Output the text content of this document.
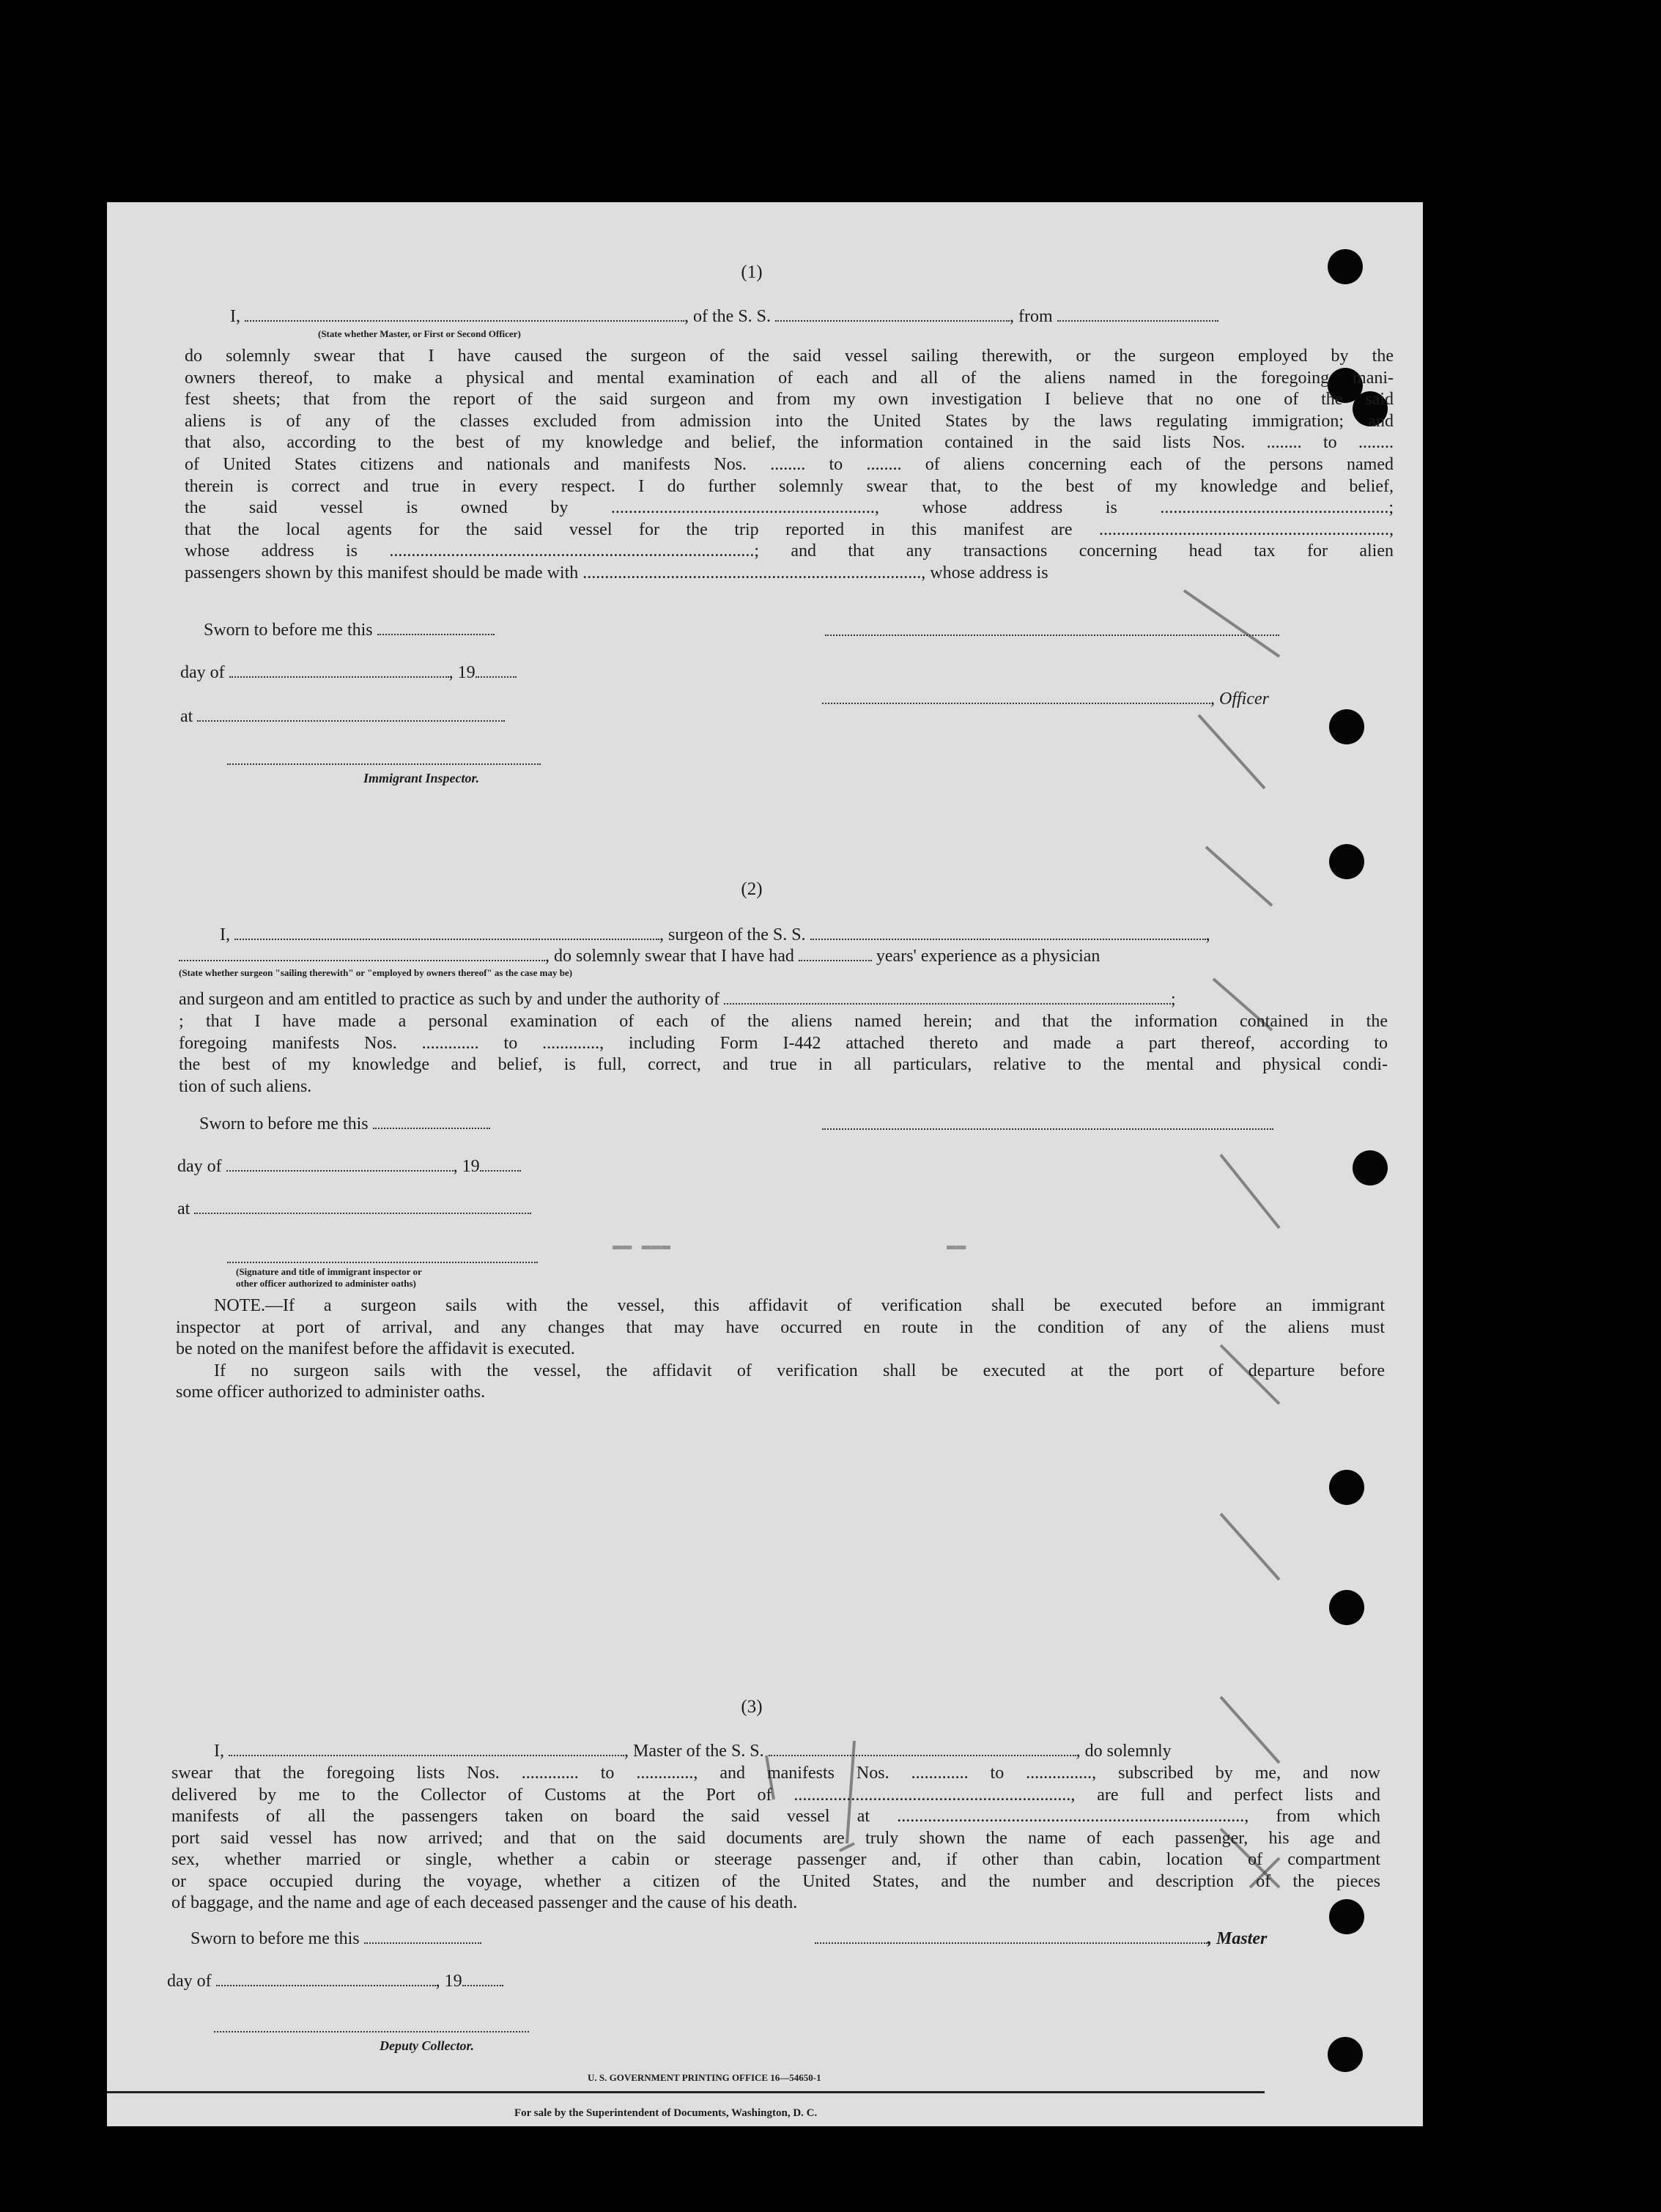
(1)
I,	, of the S. S.	, from
(State whether Master, or First or Second Officer)
do solemnly swear that I have caused the surgeon of the said vessel sailing therewith, or the surgeon employed by the
owners thereof, to make a physical and mental examination of each and all of the aliens named in the foregoing mani-
fest sheets; that from the report of the said surgeon and from my own investigation I believe that no one of the said
aliens is of any of the classes excluded from admission into the United States by the laws regulating immigration; and
that also, according to the best of my knowledge and belief, the information contained in the said lists Nos. ........ to ........
of United States citizens and nationals and manifests Nos. ........ to ........ of aliens concerning each of the persons named
therein is correct and true in every respect. I do further solemnly swear that, to the best of my knowledge and belief,
the said vessel is owned by ............................................................, whose address is ....................................................;
that the local agents for the said vessel for the trip reported in this manifest are ..................................................................,
whose address is ...................................................................................; and that any transactions concerning head tax for alien
passengers shown by this manifest should be made with ............................................................................., whose address is
Sworn to before me this
day of	, 19
, Officer
at
Immigrant Inspector.
(2)
I,	, surgeon of the S. S.	,
, do solemnly swear that I have had	years' experience as a physician
(State whether surgeon "sailing therewith" or "employed by owners thereof" as the case may be)
and surgeon and am entitled to practice as such by and under the authority of	;
; that I have made a personal examination of each of the aliens named herein; and that the information contained in the
foregoing manifests Nos. ............. to ............., including Form I-442 attached thereto and made a part thereof, according to
the best of my knowledge and belief, is full, correct, and true in all particulars, relative to the mental and physical condi-
tion of such aliens.
Sworn to before me this
day of	, 19
at
(Signature and title of immigrant inspector or
other officer authorized to administer oaths)
NOTE.—If a surgeon sails with the vessel, this affidavit of verification shall be executed before an immigrant
inspector at port of arrival, and any changes that may have occurred en route in the condition of any of the aliens must
be noted on the manifest before the affidavit is executed.
If no surgeon sails with the vessel, the affidavit of verification shall be executed at the port of departure before
some officer authorized to administer oaths.
▬▬ ▬▬▬	▬▬
(3)
I,	, Master of the S. S.	, do solemnly
swear that the foregoing lists Nos. ............. to ............., and manifests Nos. ............. to ..............., subscribed by me, and now
delivered by me to the Collector of Customs at the Port of ..............................................................., are full and perfect lists and
manifests of all the passengers taken on board the said vessel at ..............................................................................., from which
port said vessel has now arrived; and that on the said documents are truly shown the name of each passenger, his age and
sex, whether married or single, whether a cabin or steerage passenger and, if other than cabin, location of compartment
or space occupied during the voyage, whether a citizen of the United States, and the number and description of the pieces
of baggage, and the name and age of each deceased passenger and the cause of his death.
Sworn to before me this	, Master
day of	, 19
Deputy Collector.
U. S. GOVERNMENT PRINTING OFFICE 16—54650-1
For sale by the Superintendent of Documents, Washington, D. C.
